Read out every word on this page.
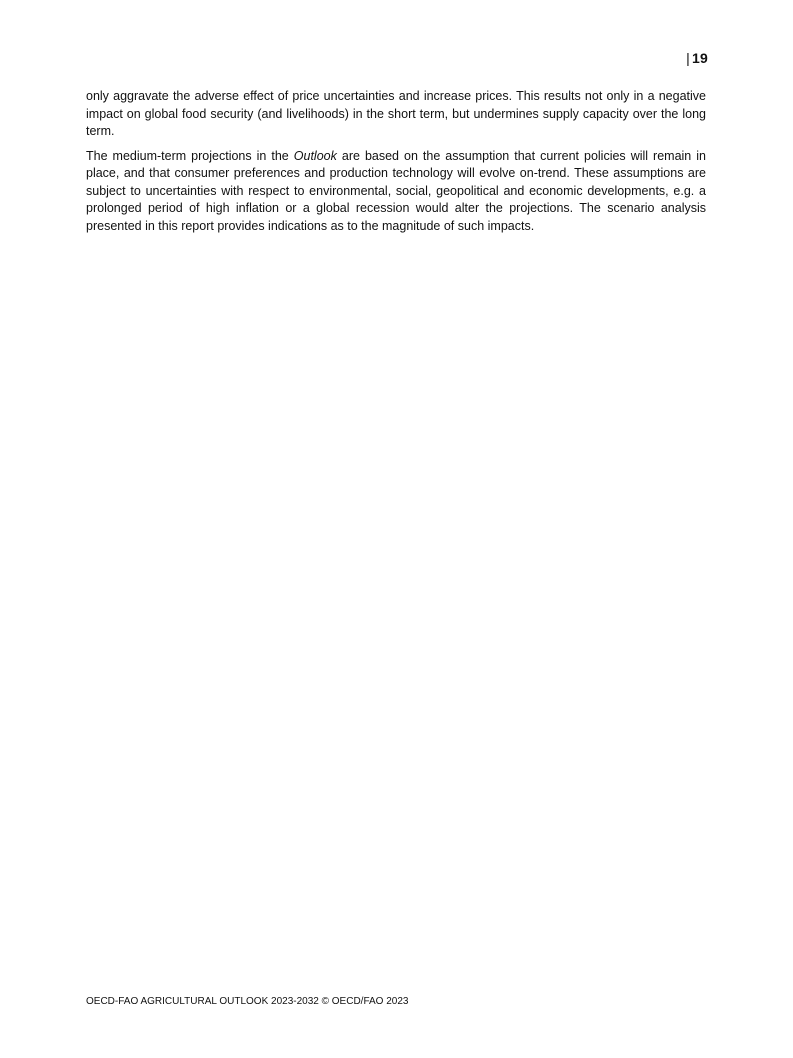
| 19

only aggravate the adverse effect of price uncertainties and increase prices. This results not only in a negative impact on global food security (and livelihoods) in the short term, but undermines supply capacity over the long term.

The medium-term projections in the Outlook are based on the assumption that current policies will remain in place, and that consumer preferences and production technology will evolve on-trend. These assumptions are subject to uncertainties with respect to environmental, social, geopolitical and economic developments, e.g. a prolonged period of high inflation or a global recession would alter the projections. The scenario analysis presented in this report provides indications as to the magnitude of such impacts.

OECD-FAO AGRICULTURAL OUTLOOK 2023-2032 © OECD/FAO 2023
